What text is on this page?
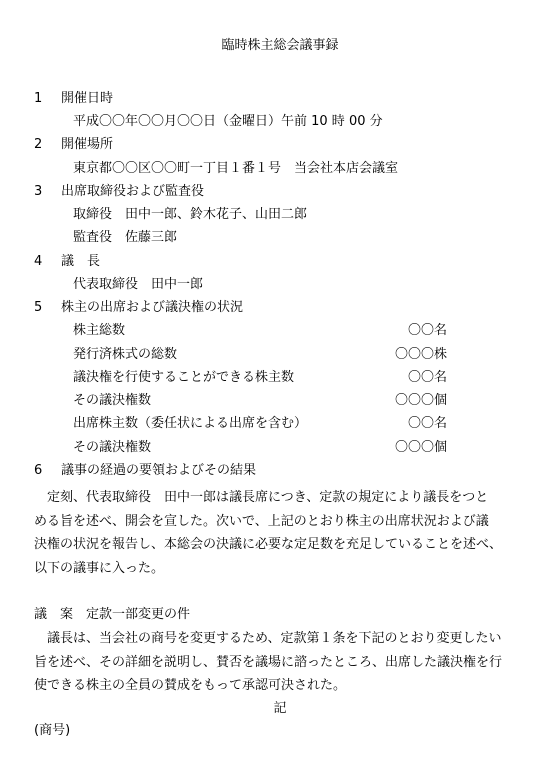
臨時株主総会議事録
1 開催日時
平成〇〇年〇〇月〇〇日（金曜日）午前 10 時 00 分
2 開催場所
東京都〇〇区〇〇町一丁目１番１号　当会社本店会議室
3 出席取締役および監査役
取締役　田中一郎、鈴木花子、山田二郎
監査役　佐藤三郎
4 議　長
代表取締役　田中一郎
5 株主の出席および議決権の状況
株主総数	〇〇名
発行済株式の総数	〇〇〇株
議決権を行使することができる株主数	〇〇名
その議決権数	〇〇〇個
出席株主数（委任状による出席を含む）	〇〇名
その議決権数	〇〇〇個
6 議事の経過の要領およびその結果
　定刻、代表取締役　田中一郎は議長席につき、定款の規定により議長をつと
める旨を述べ、開会を宣した。次いで、上記のとおり株主の出席状況および議
決権の状況を報告し、本総会の決議に必要な定足数を充足していることを述べ、
以下の議事に入った。
議　案　定款一部変更の件
　議長は、当会社の商号を変更するため、定款第１条を下記のとおり変更したい
旨を述べ、その詳細を説明し、賛否を議場に諮ったところ、出席した議決権を行
使できる株主の全員の賛成をもって承認可決された。
記
(商号)
